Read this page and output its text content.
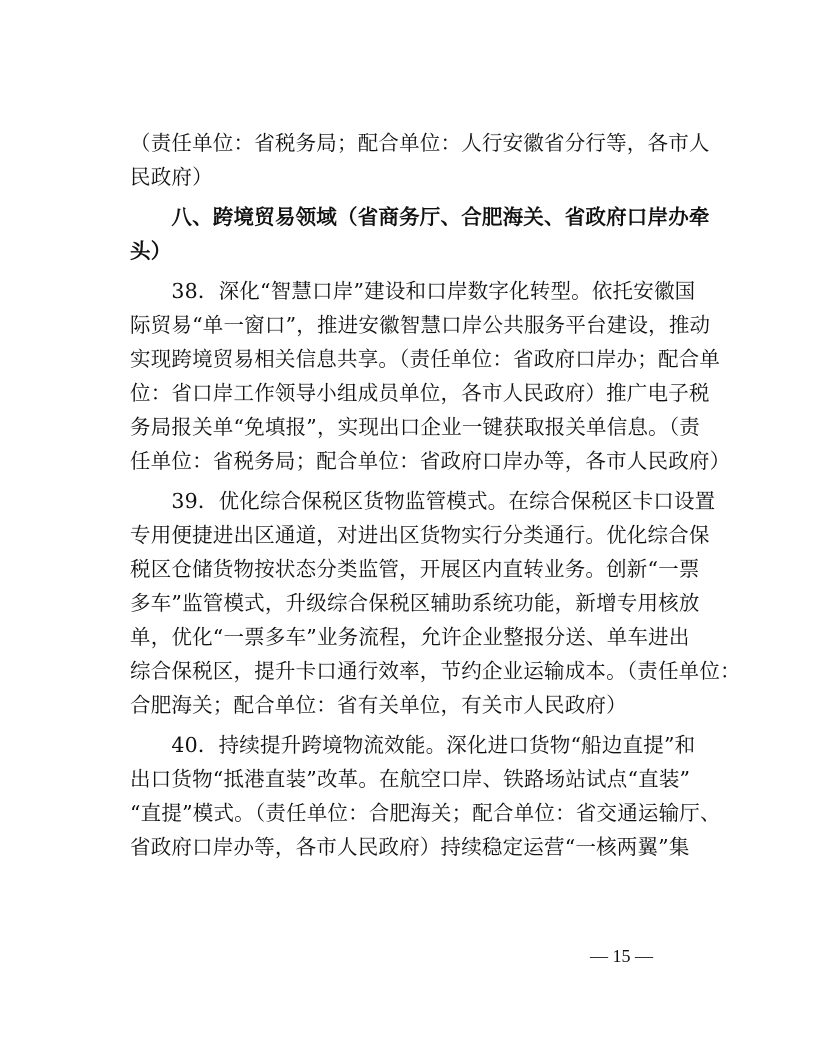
（责任单位：省税务局；配合单位：人行安徽省分行等，各市人
民政府）
　　八、跨境贸易领域（省商务厅、合肥海关、省政府口岸办牵
头）
　　38．深化“智慧口岸”建设和口岸数字化转型。依托安徽国
际贸易“单一窗口”，推进安徽智慧口岸公共服务平台建设，推动
实现跨境贸易相关信息共享。（责任单位：省政府口岸办；配合单
位：省口岸工作领导小组成员单位，各市人民政府）推广电子税
务局报关单“免填报”，实现出口企业一键获取报关单信息。（责
任单位：省税务局；配合单位：省政府口岸办等，各市人民政府）
　　39．优化综合保税区货物监管模式。在综合保税区卡口设置
专用便捷进出区通道，对进出区货物实行分类通行。优化综合保
税区仓储货物按状态分类监管，开展区内直转业务。创新“一票
多车”监管模式，升级综合保税区辅助系统功能，新增专用核放
单，优化“一票多车”业务流程，允许企业整报分送、单车进出
综合保税区，提升卡口通行效率，节约企业运输成本。（责任单位：
合肥海关；配合单位：省有关单位，有关市人民政府）
　　40．持续提升跨境物流效能。深化进口货物“船边直提”和
出口货物“抵港直装”改革。在航空口岸、铁路场站试点“直装”
“直提”模式。（责任单位：合肥海关；配合单位：省交通运输厅、
省政府口岸办等，各市人民政府）持续稳定运营“一核两翼”集
— 15 —
